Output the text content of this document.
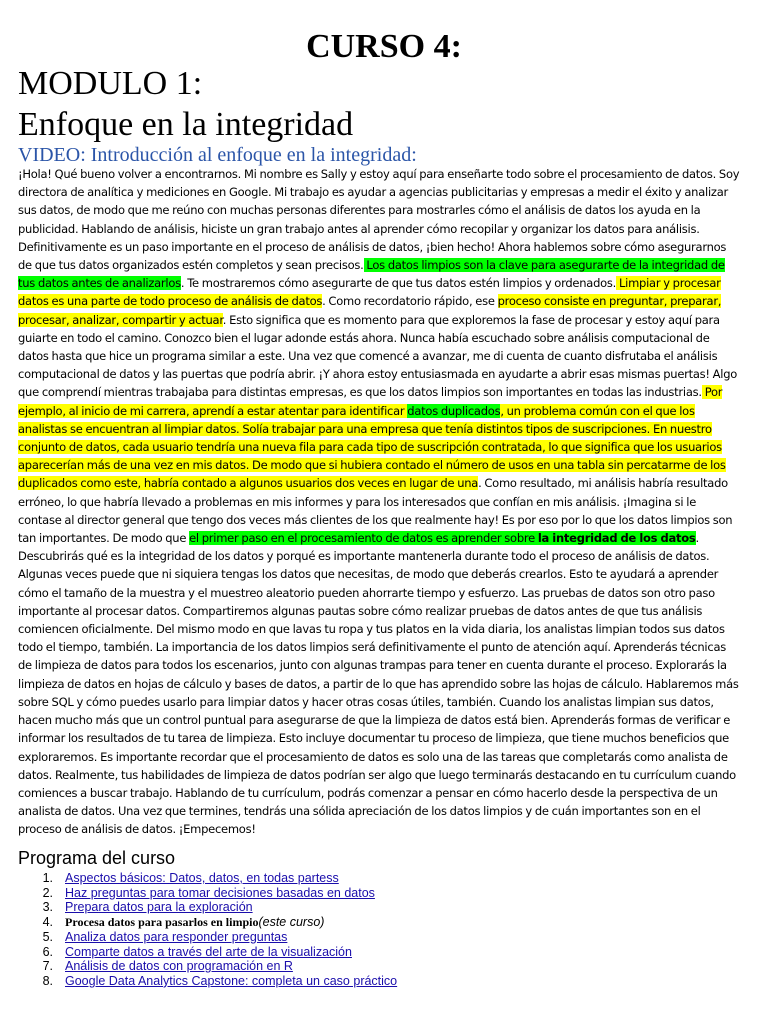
CURSO 4:
MODULO 1:
Enfoque en la integridad
VIDEO: Introducción al enfoque en la integridad:

¡Hola! Qué bueno volver a encontrarnos. Mi nombre es Sally y estoy aquí para enseñarte todo sobre el procesamiento de datos. Soy directora de analítica y mediciones en Google. Mi trabajo es ayudar a agencias publicitarias y empresas a medir el éxito y analizar sus datos, de modo que me reúno con muchas personas diferentes para mostrarles cómo el análisis de datos los ayuda en la publicidad. Hablando de análisis, hiciste un gran trabajo antes al aprender cómo recopilar y organizar los datos para análisis. Definitivamente es un paso importante en el proceso de análisis de datos, ¡bien hecho! Ahora hablemos sobre cómo asegurarnos de que tus datos organizados estén completos y sean precisos. Los datos limpios son la clave para asegurarte de la integridad de tus datos antes de analizarlos. Te mostraremos cómo asegurarte de que tus datos estén limpios y ordenados. Limpiar y procesar datos es una parte de todo proceso de análisis de datos. Como recordatorio rápido, ese proceso consiste en preguntar, preparar, procesar, analizar, compartir y actuar. Esto significa que es momento para que exploremos la fase de procesar y estoy aquí para guiarte en todo el camino. Conozco bien el lugar adonde estás ahora. Nunca había escuchado sobre análisis computacional de datos hasta que hice un programa similar a este. Una vez que comencé a avanzar, me di cuenta de cuanto disfrutaba el análisis computacional de datos y las puertas que podría abrir. ¡Y ahora estoy entusiasmada en ayudarte a abrir esas mismas puertas! Algo que comprendí mientras trabajaba para distintas empresas, es que los datos limpios son importantes en todas las industrias. Por ejemplo, al inicio de mi carrera, aprendí a estar atentar para identificar datos duplicados, un problema común con el que los analistas se encuentran al limpiar datos. Solía trabajar para una empresa que tenía distintos tipos de suscripciones. En nuestro conjunto de datos, cada usuario tendría una nueva fila para cada tipo de suscripción contratada, lo que significa que los usuarios aparecerían más de una vez en mis datos. De modo que si hubiera contado el número de usos en una tabla sin percatarme de los duplicados como este, habría contado a algunos usuarios dos veces en lugar de una. Como resultado, mi análisis habría resultado erróneo, lo que habría llevado a problemas en mis informes y para los interesados que confían en mis análisis. ¡Imagina si le contase al director general que tengo dos veces más clientes de los que realmente hay! Es por eso por lo que los datos limpios son tan importantes. De modo que el primer paso en el procesamiento de datos es aprender sobre la integridad de los datos. Descubrirás qué es la integridad de los datos y porqué es importante mantenerla durante todo el proceso de análisis de datos. Algunas veces puede que ni siquiera tengas los datos que necesitas, de modo que deberás crearlos. Esto te ayudará a aprender cómo el tamaño de la muestra y el muestreo aleatorio pueden ahorrarte tiempo y esfuerzo. Las pruebas de datos son otro paso importante al procesar datos. Compartiremos algunas pautas sobre cómo realizar pruebas de datos antes de que tus análisis comiencen oficialmente. Del mismo modo en que lavas tu ropa y tus platos en la vida diaria, los analistas limpian todos sus datos todo el tiempo, también. La importancia de los datos limpios será definitivamente el punto de atención aquí. Aprenderás técnicas de limpieza de datos para todos los escenarios, junto con algunas trampas para tener en cuenta durante el proceso. Explorarás la limpieza de datos en hojas de cálculo y bases de datos, a partir de lo que has aprendido sobre las hojas de cálculo. Hablaremos más sobre SQL y cómo puedes usarlo para limpiar datos y hacer otras cosas útiles, también. Cuando los analistas limpian sus datos, hacen mucho más que un control puntual para asegurarse de que la limpieza de datos está bien. Aprenderás formas de verificar e informar los resultados de tu tarea de limpieza. Esto incluye documentar tu proceso de limpieza, que tiene muchos beneficios que exploraremos. Es importante recordar que el procesamiento de datos es solo una de las tareas que completarás como analista de datos. Realmente, tus habilidades de limpieza de datos podrían ser algo que luego terminarás destacando en tu currículum cuando comiences a buscar trabajo. Hablando de tu currículum, podrás comenzar a pensar en cómo hacerlo desde la perspectiva de un analista de datos. Una vez que termines, tendrás una sólida apreciación de los datos limpios y de cuán importantes son en el proceso de análisis de datos. ¡Empecemos!

Programa del curso
1. Aspectos básicos: Datos, datos, en todas partess
2. Haz preguntas para tomar decisiones basadas en datos
3. Prepara datos para la exploración
4.	Procesa datos para pasarlos en limpio (este curso)
5. Analiza datos para responder preguntas
6. Comparte datos a través del arte de la visualización
7. Análisis de datos con programación en R
8. Google Data Analytics Capstone: completa un caso práctico
